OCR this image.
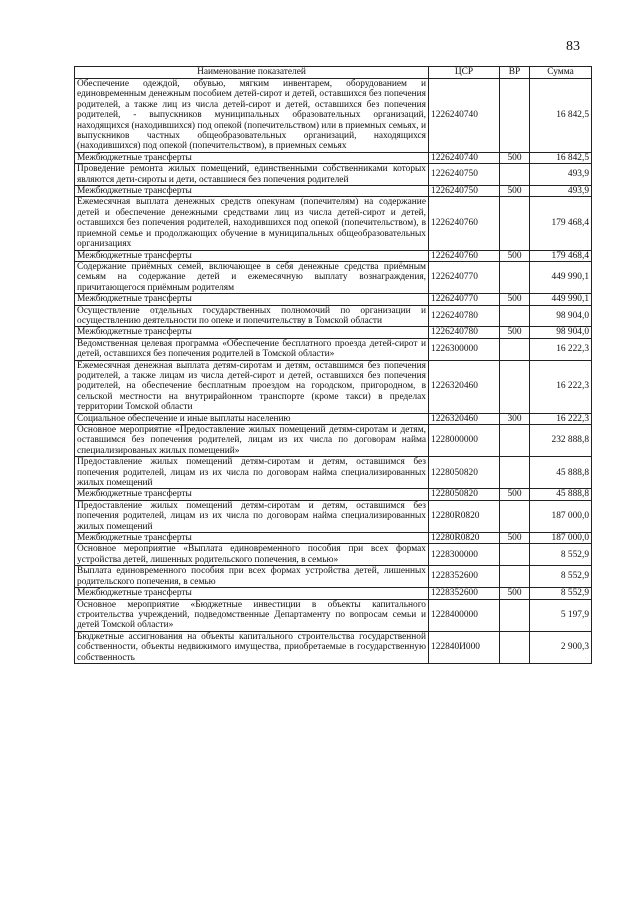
83
Наименование показателей	ЦСР	ВР	Сумма
Обеспечение одеждой, обувью, мягким инвентарем, оборудованием и единовременным денежным пособием детей-сирот и детей, оставшихся без попечения родителей, а также лиц из числа детей-сирот и детей, оставшихся без попечения родителей, - выпускников муниципальных образовательных организаций, находящихся (находившихся) под опекой (попечительством) или в приемных семьях, и выпускников частных общеобразовательных организаций, находящихся (находившихся) под опекой (попечительством), в приемных семьях	1226240740		16 842,5
Межбюджетные трансферты	1226240740	500	16 842,5
Проведение ремонта жилых помещений, единственными собственниками которых являются дети-сироты и дети, оставшиеся без попечения родителей	1226240750		493,9
Межбюджетные трансферты	1226240750	500	493,9
Ежемесячная выплата денежных средств опекунам (попечителям) на содержание детей и обеспечение денежными средствами лиц из числа детей-сирот и детей, оставшихся без попечения родителей, находившихся под опекой (попечительством), в приемной семье и продолжающих обучение в муниципальных общеобразовательных организациях	1226240760		179 468,4
Межбюджетные трансферты	1226240760	500	179 468,4
Содержание приёмных семей, включающее в себя денежные средства приёмным семьям на содержание детей и ежемесячную выплату вознаграждения, причитающегося приёмным родителям	1226240770		449 990,1
Межбюджетные трансферты	1226240770	500	449 990,1
Осуществление отдельных государственных полномочий по организации и осуществлению деятельности по опеке и попечительству в Томской области	1226240780		98 904,0
Межбюджетные трансферты	1226240780	500	98 904,0
Ведомственная целевая программа «Обеспечение бесплатного проезда детей-сирот и детей, оставшихся без попечения родителей в Томской области»	1226300000		16 222,3
Ежемесячная денежная выплата детям-сиротам и детям, оставшимся без попечения родителей, а также лицам из числа детей-сирот и детей, оставшихся без попечения родителей, на обеспечение бесплатным проездом на городском, пригородном, в сельской местности на внутрирайонном транспорте (кроме такси) в пределах территории Томской области	1226320460		16 222,3
Социальное обеспечение и иные выплаты населению	1226320460	300	16 222,3
Основное мероприятие «Предоставление жилых помещений детям-сиротам и детям, оставшимся без попечения родителей, лицам из их числа по договорам найма специализированых жилых помещений»	1228000000		232 888,8
Предоставление жилых помещений детям-сиротам и детям, оставшимся без попечения родителей, лицам из их числа по договорам найма специализированных жилых помещений	1228050820		45 888,8
Межбюджетные трансферты	1228050820	500	45 888,8
Предоставление жилых помещений детям-сиротам и детям, оставшимся без попечения родителей, лицам из их числа по договорам найма специализированных жилых помещений	12280R0820		187 000,0
Межбюджетные трансферты	12280R0820	500	187 000,0
Основное мероприятие «Выплата единовременного пособия при всех формах устройства детей, лишенных родительского попечения, в семью»	1228300000		8 552,9
Выплата единовременного пособия при всех формах устройства детей, лишенных родительского попечения, в семью	1228352600		8 552,9
Межбюджетные трансферты	1228352600	500	8 552,9
Основное мероприятие «Бюджетные инвестиции в объекты капитального строительства учреждений, подведомственные Департаменту по вопросам семьи и детей Томской области»	1228400000		5 197,9
Бюджетные ассигнования на объекты капитального строительства государственной собственности, объекты недвижимого имущества, приобретаемые в государственную собственность	122840И000		2 900,3
